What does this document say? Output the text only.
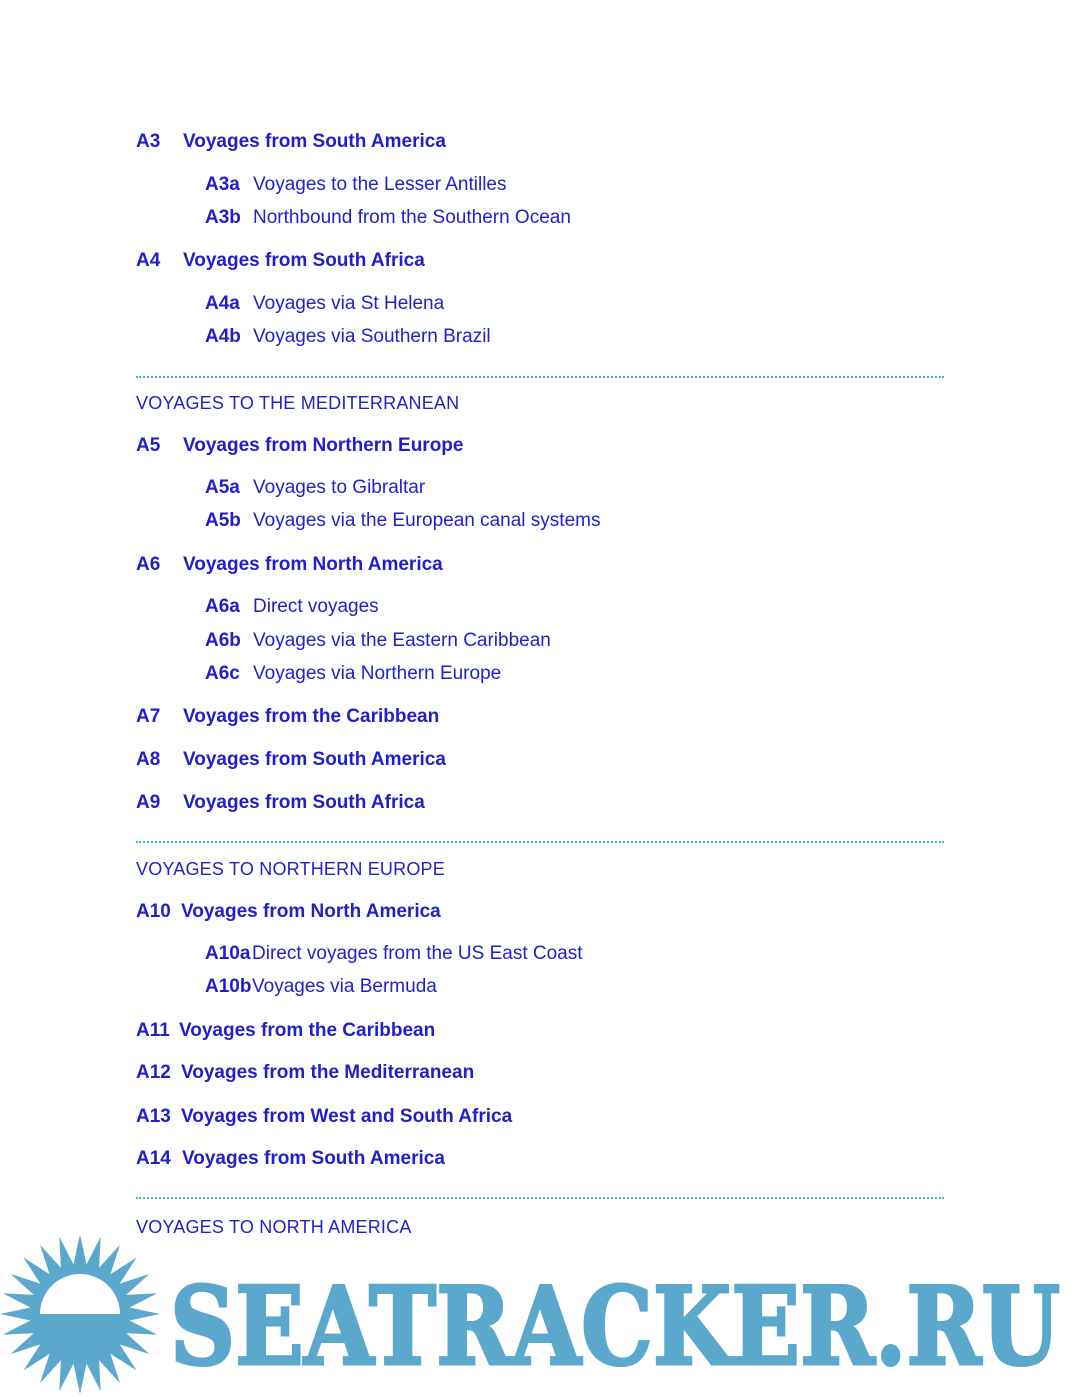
A3 Voyages from South America
A3a Voyages to the Lesser Antilles
A3b Northbound from the Southern Ocean
A4 Voyages from South Africa
A4a Voyages via St Helena
A4b Voyages via Southern Brazil
VOYAGES TO THE MEDITERRANEAN
A5 Voyages from Northern Europe
A5a Voyages to Gibraltar
A5b Voyages via the European canal systems
A6 Voyages from North America
A6a Direct voyages
A6b Voyages via the Eastern Caribbean
A6c Voyages via Northern Europe
A7 Voyages from the Caribbean
A8 Voyages from South America
A9 Voyages from South Africa
VOYAGES TO NORTHERN EUROPE
A10 Voyages from North America
A10aDirect voyages from the US East Coast
A10bVoyages via Bermuda
A11 Voyages from the Caribbean
A12 Voyages from the Mediterranean
A13 Voyages from West and South Africa
A14 Voyages from South America
VOYAGES TO NORTH AMERICA
SEATRACKER.RU
